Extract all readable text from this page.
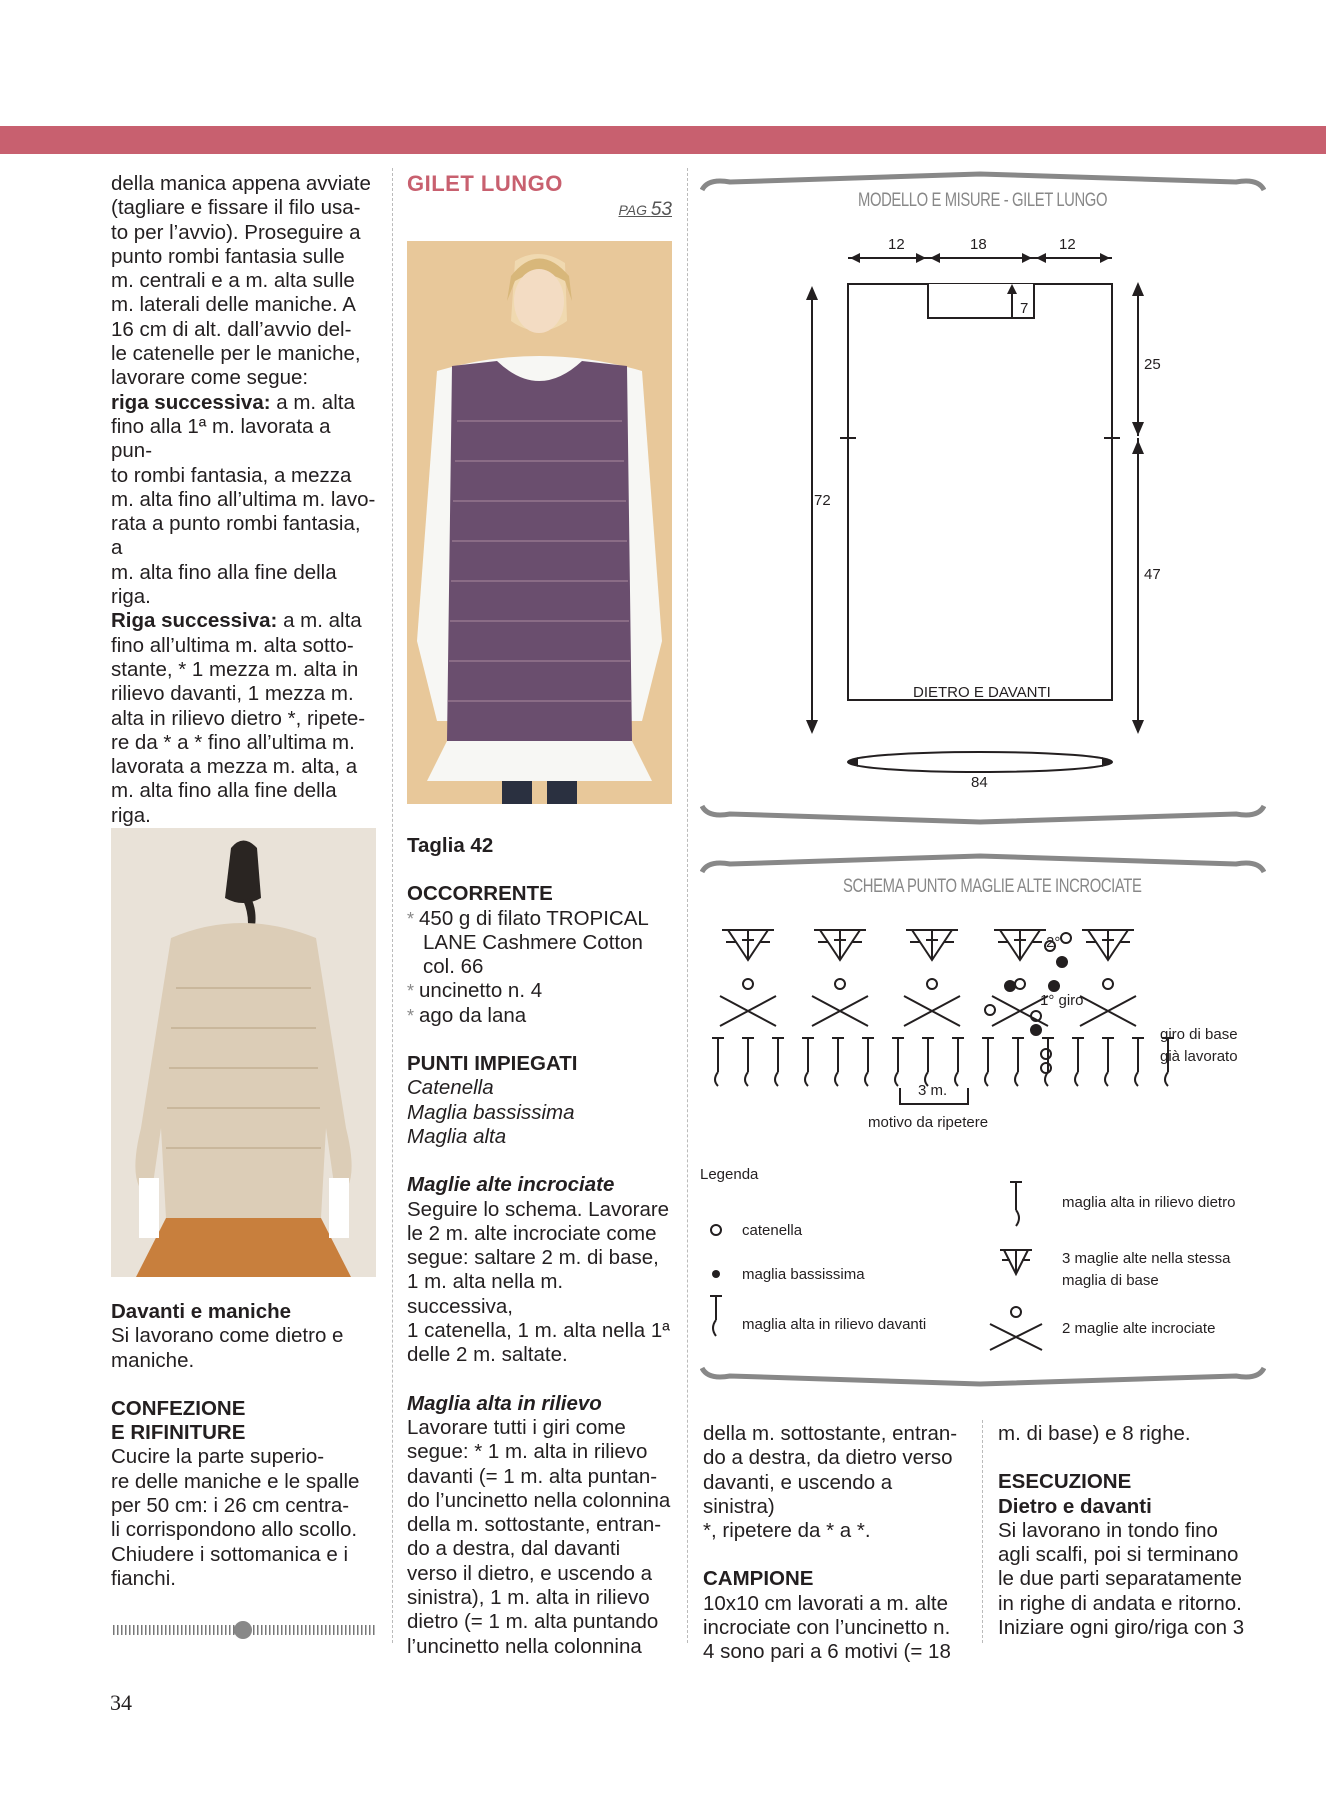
della manica appena avviate
(tagliare e fissare il filo usa-
to per l’avvio). Proseguire a
punto rombi fantasia sulle
m. centrali e a m. alta sulle
m. laterali delle maniche. A
16 cm di alt. dall’avvio del-
le catenelle per le maniche,
lavorare come segue:
riga successiva: a m. alta
fino alla 1ª m. lavorata a pun-
to rombi fantasia, a mezza
m. alta fino all’ultima m. lavo-
rata a punto rombi fantasia, a
m. alta fino alla fine della riga.
Riga successiva: a m. alta
fino all’ultima m. alta sotto-
stante, * 1 mezza m. alta in
rilievo davanti, 1 mezza m.
alta in rilievo dietro *, ripete-
re da * a * fino all’ultima m.
lavorata a mezza m. alta, a
m. alta fino alla fine della riga.

Davanti e maniche

Si lavorano come dietro e
maniche.

CONFEZIONE

E RIFINITURE

Cucire la parte superio-
re delle maniche e le spalle
per 50 cm: i 26 cm centra-
li corrispondono allo scollo.
Chiudere i sottomanica e i
fianchi.

GILET LUNGO

PAG 53

Taglia 42

OCCORRENTE

* 450 g di filato TROPICAL LANE Cashmere Cotton col. 66
* uncinetto n. 4
* ago da lana

PUNTI IMPIEGATI

Catenella
Maglia bassissima
Maglia alta

Maglie alte incrociate

Seguire lo schema. Lavorare
le 2 m. alte incrociate come
segue: saltare 2 m. di base,
1 m. alta nella m. successiva,
1 catenella, 1 m. alta nella 1ª
delle 2 m. saltate.

Maglia alta in rilievo

Lavorare tutti i giri come
segue: * 1 m. alta in rilievo
davanti (= 1 m. alta puntan-
do l’uncinetto nella colonnina
della m. sottostante, entran-
do a destra, dal davanti
verso il dietro, e uscendo a
sinistra), 1 m. alta in rilievo
dietro (= 1 m. alta puntando
l’uncinetto nella colonnina
MODELLO E MISURE - GILET LUNGO
12	18	12
7
25
47
72
DIETRO E DAVANTI
84
SCHEMA PUNTO MAGLIE ALTE INCROCIATE
2°
1° giro
giro di base
già lavorato
3 m.
motivo da ripetere
Legenda
catenella
maglia bassissima
maglia alta in rilievo davanti
maglia alta in rilievo dietro
3 maglie alte nella stessa
maglia di base
2 maglie alte incrociate
della m. sottostante, entran-
do a destra, da dietro verso
davanti, e uscendo a sinistra)
*, ripetere da * a *.

CAMPIONE

10x10 cm lavorati a m. alte
incrociate con l’uncinetto n.
4 sono pari a 6 motivi (= 18
m. di base) e 8 righe.

ESECUZIONE

Dietro e davanti

Si lavorano in tondo fino
agli scalfi, poi si terminano
le due parti separatamente
in righe di andata e ritorno.
Iniziare ogni giro/riga con 3
34
